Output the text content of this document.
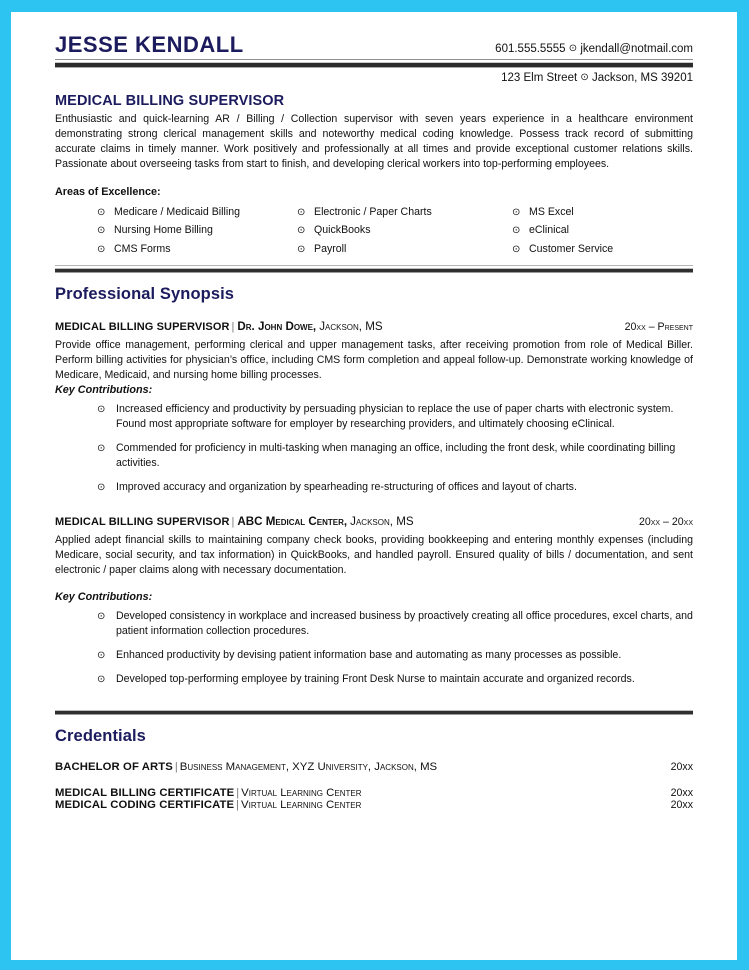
JESSE KENDALL	601.555.5555 ⊙ jkendall@notmail.com
123 Elm Street ⊙ Jackson, MS 39201
MEDICAL BILLING SUPERVISOR
Enthusiastic and quick-learning AR / Billing / Collection supervisor with seven years experience in a healthcare environment demonstrating strong clerical management skills and noteworthy medical coding knowledge. Possess track record of submitting accurate claims in timely manner. Work positively and professionally at all times and provide exceptional customer relations skills. Passionate about overseeing tasks from start to finish, and developing clerical workers into top-performing employees.
Areas of Excellence:
⊙ Medicare / Medicaid Billing	⊙ Electronic / Paper Charts	⊙ MS Excel
⊙ Nursing Home Billing	⊙ QuickBooks	⊙ eClinical
⊙ CMS Forms	⊙ Payroll	⊙ Customer Service
Professional Synopsis
MEDICAL BILLING SUPERVISOR | Dr. John Dowe, Jackson, MS	20xx – Present
Provide office management, performing clerical and upper management tasks, after receiving promotion from role of Medical Biller. Perform billing activities for physician’s office, including CMS form completion and appeal follow-up. Demonstrate working knowledge of Medicare, Medicaid, and nursing home billing processes.
Key Contributions:
⊙	Increased efficiency and productivity by persuading physician to replace the use of paper charts with electronic system. Found most appropriate software for employer by researching providers, and ultimately choosing eClinical.
⊙	Commended for proficiency in multi-tasking when managing an office, including the front desk, while coordinating billing activities.
⊙	Improved accuracy and organization by spearheading re-structuring of offices and layout of charts.
MEDICAL BILLING SUPERVISOR | ABC Medical Center, Jackson, MS	20xx – 20xx
Applied adept financial skills to maintaining company check books, providing bookkeeping and entering monthly expenses (including Medicare, social security, and tax information) in QuickBooks, and handled payroll. Ensured quality of bills / documentation, and sent electronic / paper claims along with necessary documentation.
Key Contributions:
⊙	Developed consistency in workplace and increased business by proactively creating all office procedures, excel charts, and patient information collection procedures.
⊙	Enhanced productivity by devising patient information base and automating as many processes as possible.
⊙	Developed top-performing employee by training Front Desk Nurse to maintain accurate and organized records.
Credentials
BACHELOR OF ARTS | Business Management, XYZ University, Jackson, MS	20xx
MEDICAL BILLING CERTIFICATE | Virtual Learning Center	20xx
MEDICAL CODING CERTIFICATE | Virtual Learning Center	20xx
